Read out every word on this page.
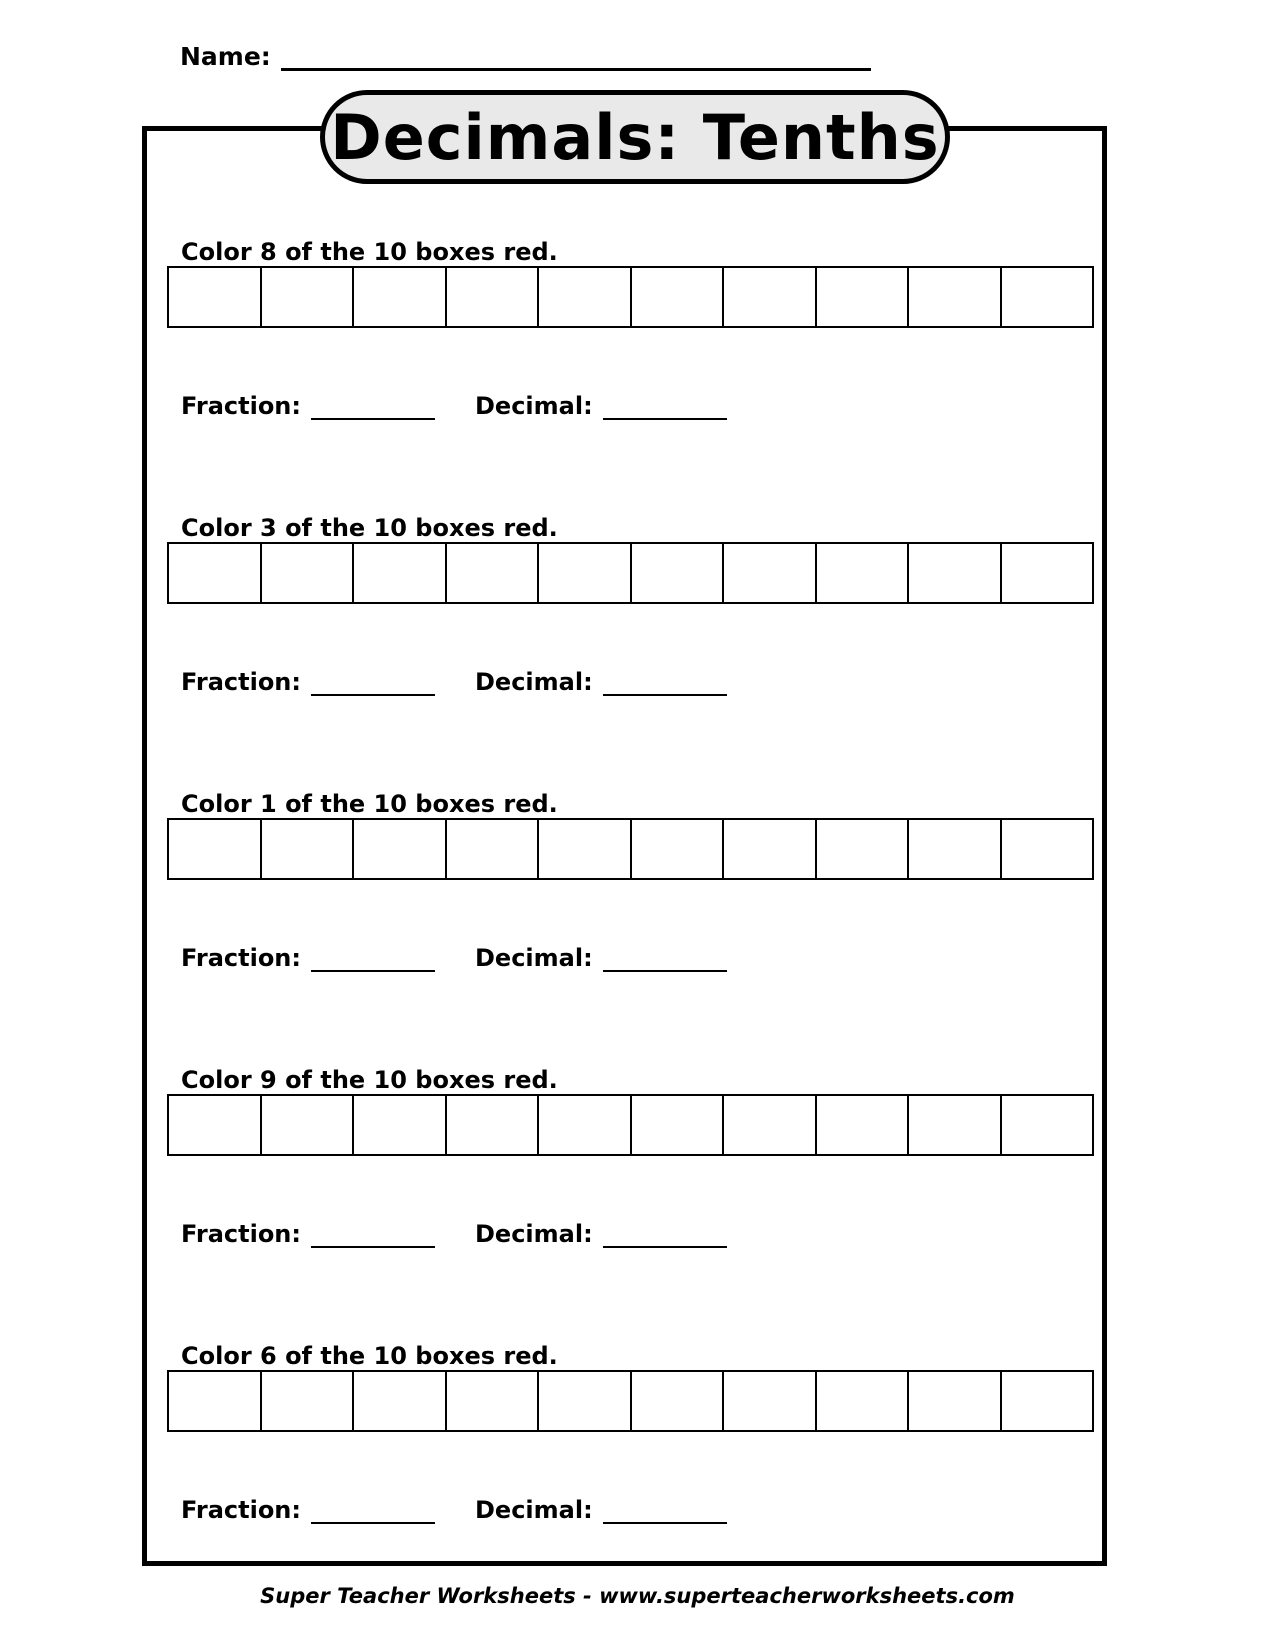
Name:
Decimals: Tenths
Color 8 of the 10 boxes red.
Fraction:	Decimal:
Color 3 of the 10 boxes red.
Fraction:	Decimal:
Color 1 of the 10 boxes red.
Fraction:	Decimal:
Color 9 of the 10 boxes red.
Fraction:	Decimal:
Color 6 of the 10 boxes red.
Fraction:	Decimal:
Super Teacher Worksheets - www.superteacherworksheets.com
